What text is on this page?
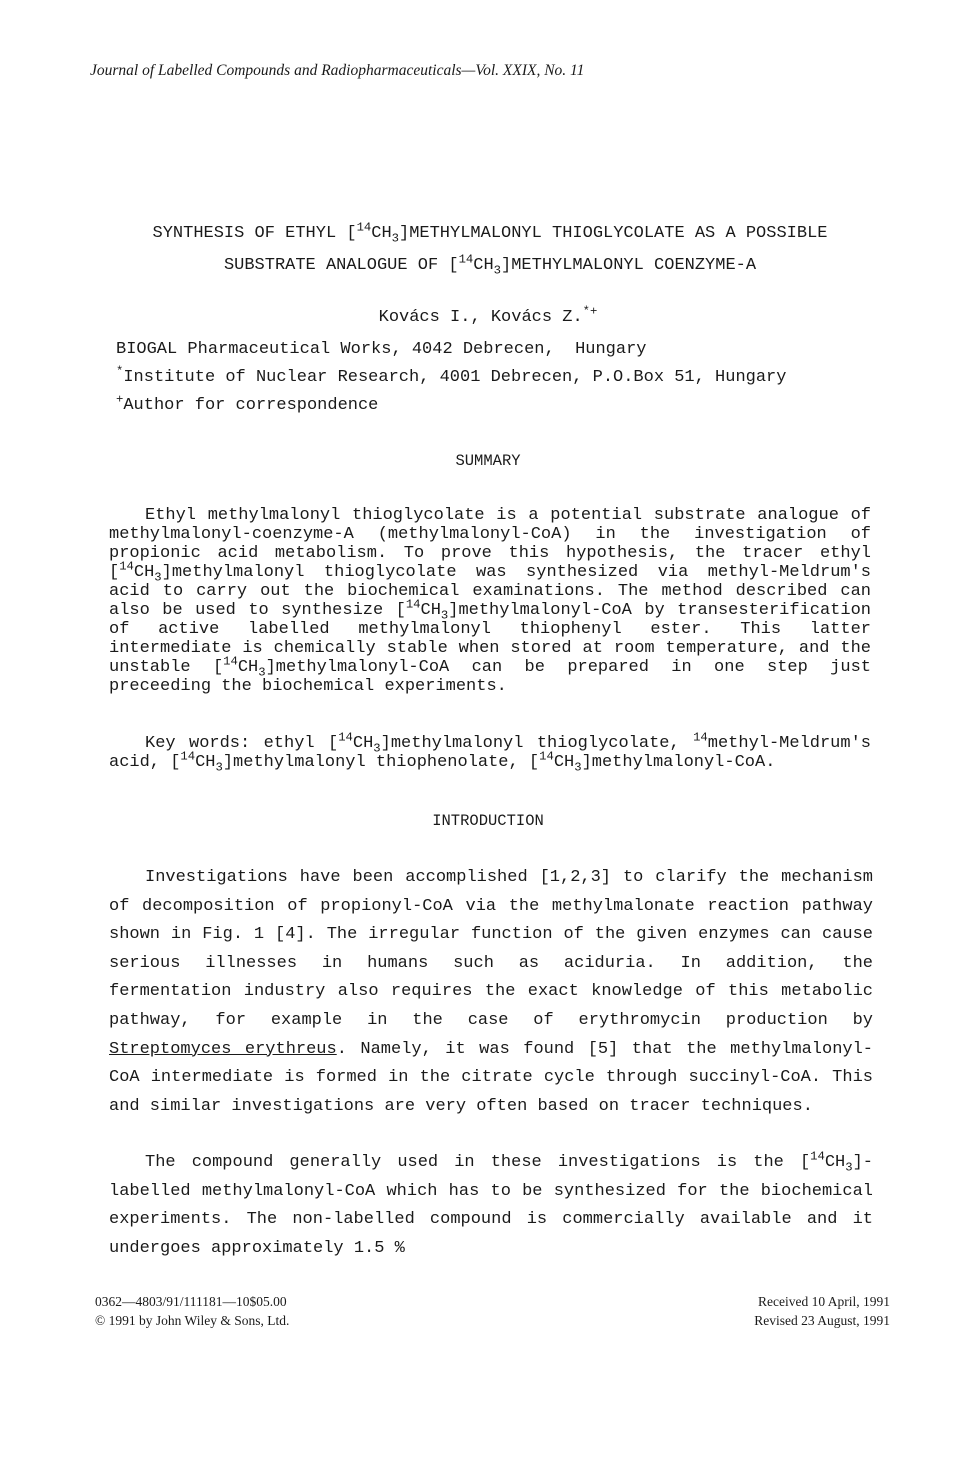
Journal of Labelled Compounds and Radiopharmaceuticals—Vol. XXIX, No. 11
SYNTHESIS OF ETHYL $[^{14}CH_3]METHYLMALONYL$ THIOGLYCOLATE AS A POSSIBLE
SUBSTRATE ANALOGUE OF $[^{14}CH_3]METHYLMALONYL$ COENZYME-A
Kovács I., Kovács Z.*+
BIOGAL Pharmaceutical Works, 4042 Debrecen,  Hungary
*Institute of Nuclear Research, 4001 Debrecen, P.O.Box 51, Hungary
+Author for correspondence
SUMMARY

Ethyl methylmalonyl thioglycolate is a potential substrate analogue of methylmalonyl-coenzyme-A (methylmalonyl-CoA) in the investigation of propionic acid metabolism. To prove this hypothesis, the tracer ethyl $[^{14}CH_3]methylmalonyl$ thioglycolate was synthesized via methyl-Meldrum's acid to carry out the biochemical examinations. The method described can also be used to synthesize $[^{14}CH_3]methylmalonyl$-CoA by transesterification of active labelled methylmalonyl thiophenyl ester. This latter intermediate is chemically stable when stored at room temperature, and the unstable $[^{14}CH_3]methylmalonyl$-CoA can be prepared in one step just preceeding the biochemical experiments.

Key words: ethyl $[^{14}CH_3]methylmalonyl$ thioglycolate, $^{14}$methyl-Meldrum's acid, $[^{14}CH_3]methylmalonyl$ thiophenolate, $[^{14}CH_3]methylmalonyl$-CoA.

INTRODUCTION

Investigations have been accomplished [1,2,3] to clarify the mechanism of decomposition of propionyl-CoA via the methylmalonate reaction pathway shown in Fig. 1 [4]. The irregular function of the given enzymes can cause serious illnesses in humans such as aciduria. In addition, the fermentation industry also requires the exact knowledge of this metabolic pathway, for example in the case of erythromycin production by Streptomyces erythreus. Namely, it was found [5] that the methylmalonyl-CoA intermediate is formed in the citrate cycle through succinyl-CoA. This and similar investigations are very often based on tracer techniques.

The compound generally used in these investigations is the $[^{14}CH_3]$-labelled methylmalonyl-CoA which has to be synthesized for the biochemical experiments. The non-labelled compound is commercially available and it undergoes approximately 1.5 %

0362—4803/91/111181—10$05.00
© 1991 by John Wiley & Sons, Ltd.
Received 10 April, 1991
Revised 23 August, 1991
